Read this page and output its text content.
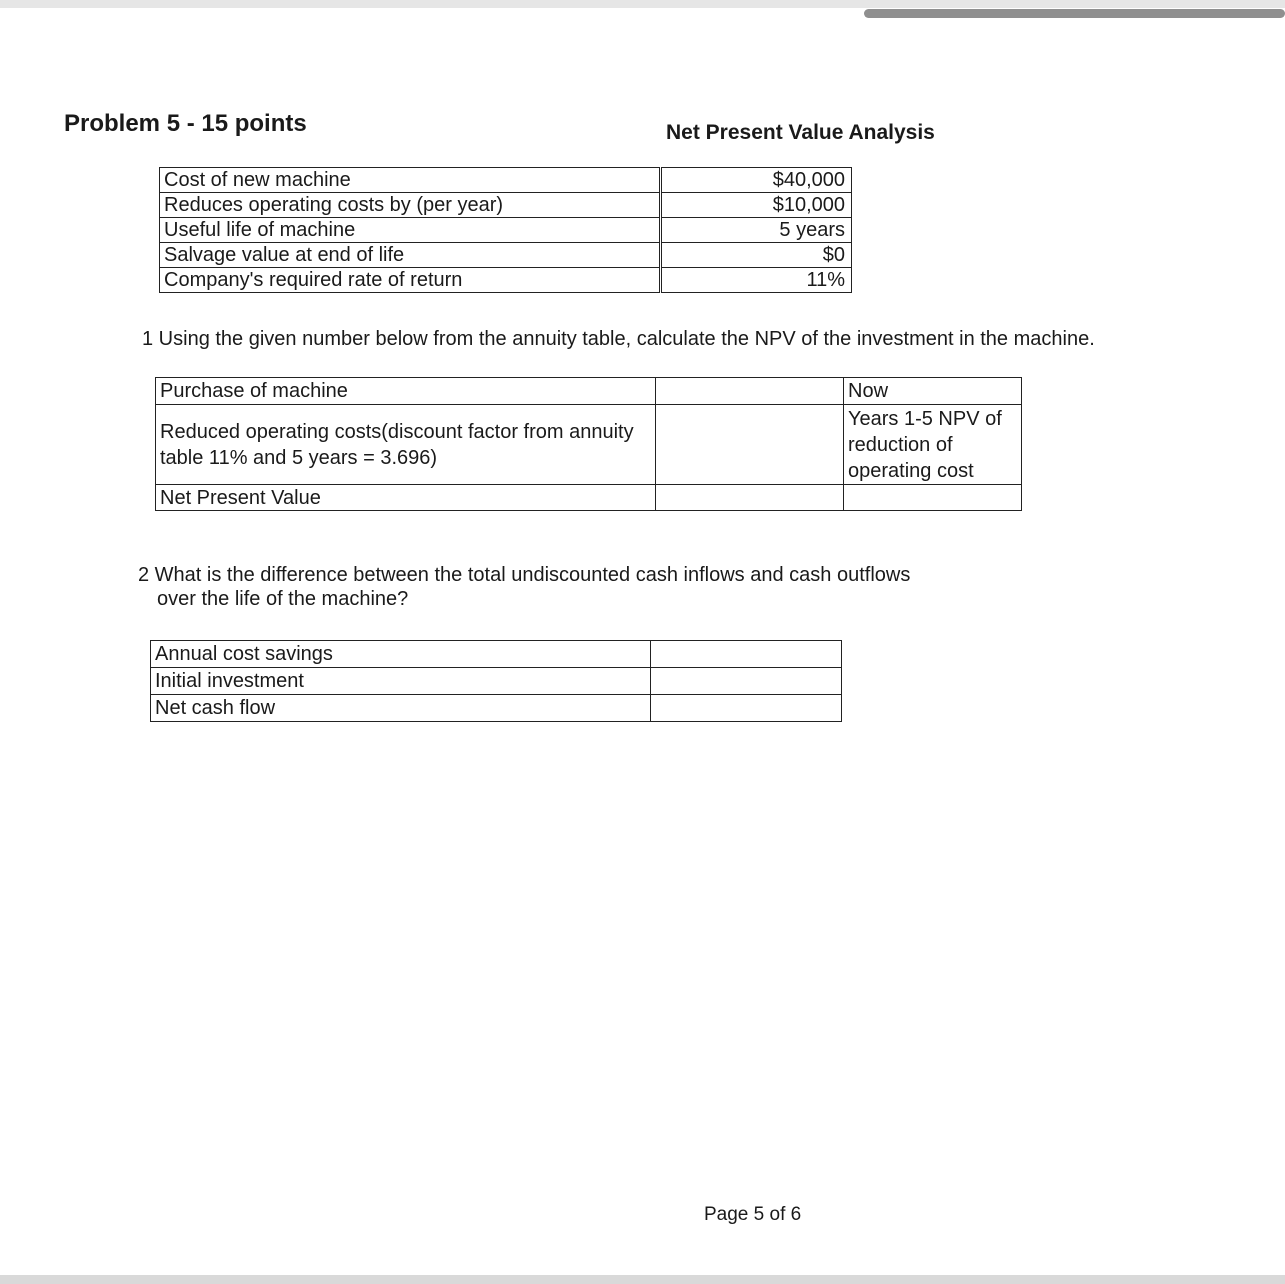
Problem 5 - 15 points	Net Present Value Analysis
Cost of new machine		$40,000
Reduces operating costs by (per year)		$10,000
Useful life of machine		5 years
Salvage value at end of life		$0
Company's required rate of return		11%
1 Using the given number below from the annuity table, calculate the NPV of the investment in the machine.
Purchase of machine		Now
Reduced operating costs(discount factor from annuity table 11% and 5 years = 3.696)		Years 1-5 NPV of reduction of operating cost
Net Present Value		
2 What is the difference between the total undiscounted cash inflows and cash outflows
over the life of the machine?
Annual cost savings	
Initial investment	
Net cash flow	
Page 5 of 6
